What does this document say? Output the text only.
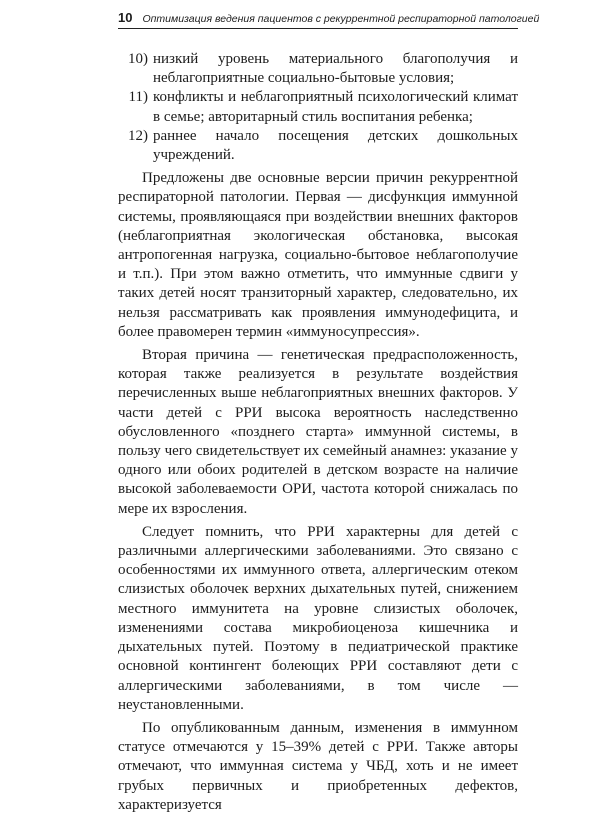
10 Оптимизация ведения пациентов с рекуррентной респираторной патологией
10) низкий уровень материального благополучия и неблагоприятные социально-бытовые условия;
11) конфликты и неблагоприятный психологический климат в семье; авторитарный стиль воспитания ребенка;
12) раннее начало посещения детских дошкольных учреждений.

Предложены две основные версии причин рекуррентной респираторной патологии. Первая — дисфункция иммунной системы, проявляющаяся при воздействии внешних факторов (неблагоприятная экологическая обстановка, высокая антропогенная нагрузка, социально-бытовое неблагополучие и т.п.). При этом важно отметить, что иммунные сдвиги у таких детей носят транзиторный характер, следовательно, их нельзя рассматривать как проявления иммунодефицита, и более правомерен термин «иммуносупрессия».

Вторая причина — генетическая предрасположенность, которая также реализуется в результате воздействия перечисленных выше неблагоприятных внешних факторов. У части детей с РРИ высока вероятность наследственно обусловленного «позднего старта» иммунной системы, в пользу чего свидетельствует их семейный анамнез: указание у одного или обоих родителей в детском возрасте на наличие высокой заболеваемости ОРИ, частота которой снижалась по мере их взросления.

Следует помнить, что РРИ характерны для детей с различными аллергическими заболеваниями. Это связано с особенностями их иммунного ответа, аллергическим отеком слизистых оболочек верхних дыхательных путей, снижением местного иммунитета на уровне слизистых оболочек, изменениями состава микробиоценоза кишечника и дыхательных путей. Поэтому в педиатрической практике основной контингент болеющих РРИ составляют дети с аллергическими заболеваниями, в том числе — неустановленными.

По опубликованным данным, изменения в иммунном статусе отмечаются у 15–39% детей с РРИ. Также авторы отмечают, что иммунная система у ЧБД, хоть и не имеет грубых первичных и приобретенных дефектов, характеризуется
